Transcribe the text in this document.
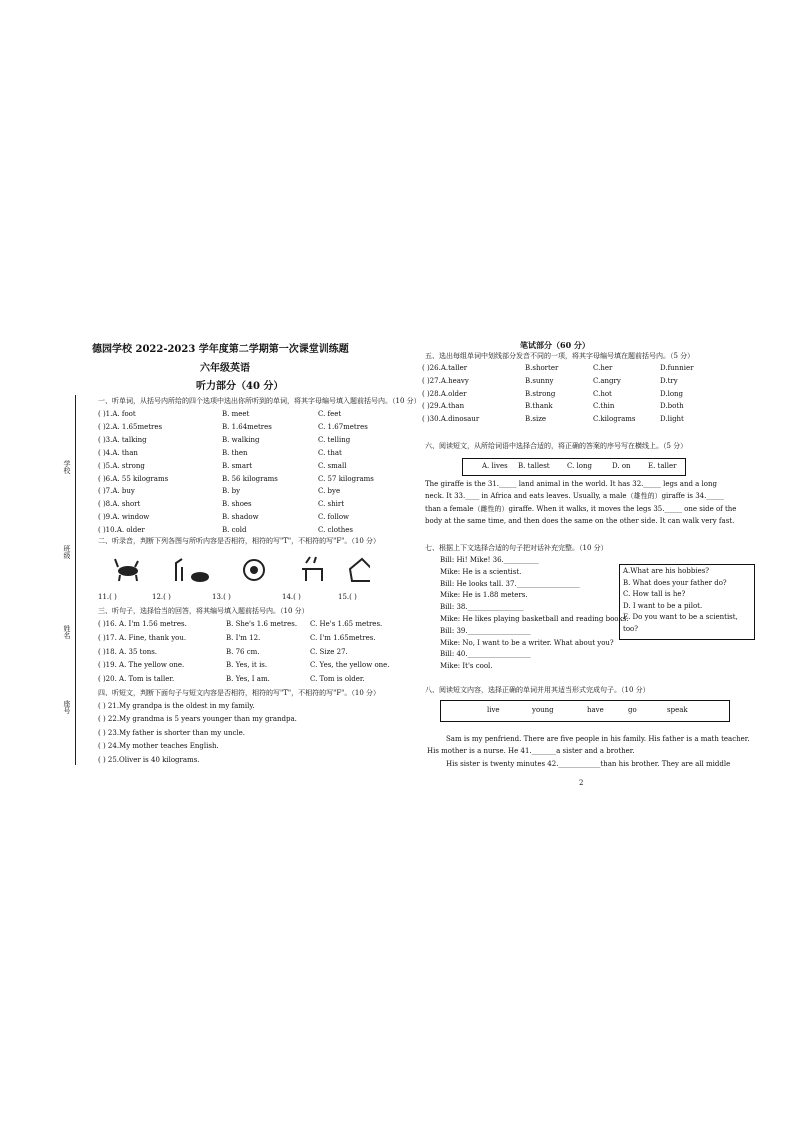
德园学校 2022-2023 学年度第二学期第一次课堂训练题
六年级英语
听力部分（40 分）
一、听单词，从括号内所给的四个选项中选出你所听到的单词，将其字母编号填入题前括号内。（10 分）
( )1.A. foot	B. meet	C. feet
( )2.A. 1.65metres	B. 1.64metres	C. 1.67metres
( )3.A. talking	B. walking	C. telling
( )4.A. than	B. then	C. that
( )5.A. strong	B. smart	C. small
( )6.A. 55 kilograms	B. 56 kilograms	C. 57 kilograms
( )7.A. buy	B. by	C. bye
( )8.A. short	B. shoes	C. shirt
( )9.A. window	B. shadow	C. follow
( )10.A. older	B. cold	C. clothes
二、听录音，判断下列各图与所听内容是否相符，相符的写"T"，不相符的写"F"。（10 分）
11.( )	12.( )	13.( )	14.( )	15.( )
三、听句子，选择恰当的回答，将其编号填入题前括号内。（10 分）
( )16. A. I'm 1.56 metres.	B. She's 1.6 metres. C. He's 1.65 metres.
( )17. A. Fine, thank you.	B. I'm 12.	C. I'm 1.65metres.
( )18. A. 35 tons.	B. 76 cm.	C. Size 27.
( )19. A. The yellow one.	B. Yes, it is.	C. Yes, the yellow one.
( )20. A. Tom is taller.	B. Yes, I am.	C. Tom is older.
四、听短文，判断下面句子与短文内容是否相符，相符的写"T"，不相符的写"F"。（10 分）
( ) 21.My grandpa is the oldest in my family.
( ) 22.My grandma is 5 years younger than my grandpa.
( ) 23.My father is shorter than my uncle.
( ) 24.My mother teaches English.
( ) 25.Oliver is 40 kilograms.
学校
班级
姓名
座号
笔试部分（60 分）
五、选出每组单词中划线部分发音不同的一项，将其字母编号填在题前括号内。（5 分）
( )26.A.taller	B.shorter	C.her	D.funnier
( )27.A.heavy	B.sunny	C.angry	D.try
( )28.A.older	B.strong	C.hot	D.long
( )29.A.than	B.thank	C.thin	D.both
( )30.A.dinosaur	B.size	C.kilograms	D.light
六、阅读短文，从所给词语中选择合适的，将正确的答案的序号写在横线上。（5 分）
A. lives B. tallest C. long	D. on E. taller
The giraffe is the 31._____ land animal in the world. It has 32._____ legs and a long
neck. It 33.____ in Africa and eats leaves. Usually, a male（雄性的）giraffe is 34._____
than a female（雌性的）giraffe. When it walks, it moves the legs 35._____ one side of the
body at the same time, and then does the same on the other side. It can walk very fast.
七、根据上下文选择合适的句子把对话补充完整。（10 分）
Bill: Hi! Mike! 36.__________
Mike: He is a scientist.
Bill: He looks tall. 37.__________________
Mike: He is 1.88 meters.
Bill: 38.________________
Mike: He likes playing basketball and reading books.
Bill: 39.__________________
Mike: No, I want to be a writer. What about you?
Bill: 40.__________________
Mike: It's cool.
A.What are his hobbies?
B. What does your father do?
C. How tall is he?
D. I want to be a pilot.
E. Do you want to be a scientist,
too?
八、阅读短文内容，选择正确的单词并用其适当形式完成句子。（10 分）
live	young	have	go	speak
Sam is my penfriend. There are five people in his family. His father is a math teacher.
His mother is a nurse. He 41._______a sister and a brother.
His sister is twenty minutes 42.____________than his brother. They are all middle
2
